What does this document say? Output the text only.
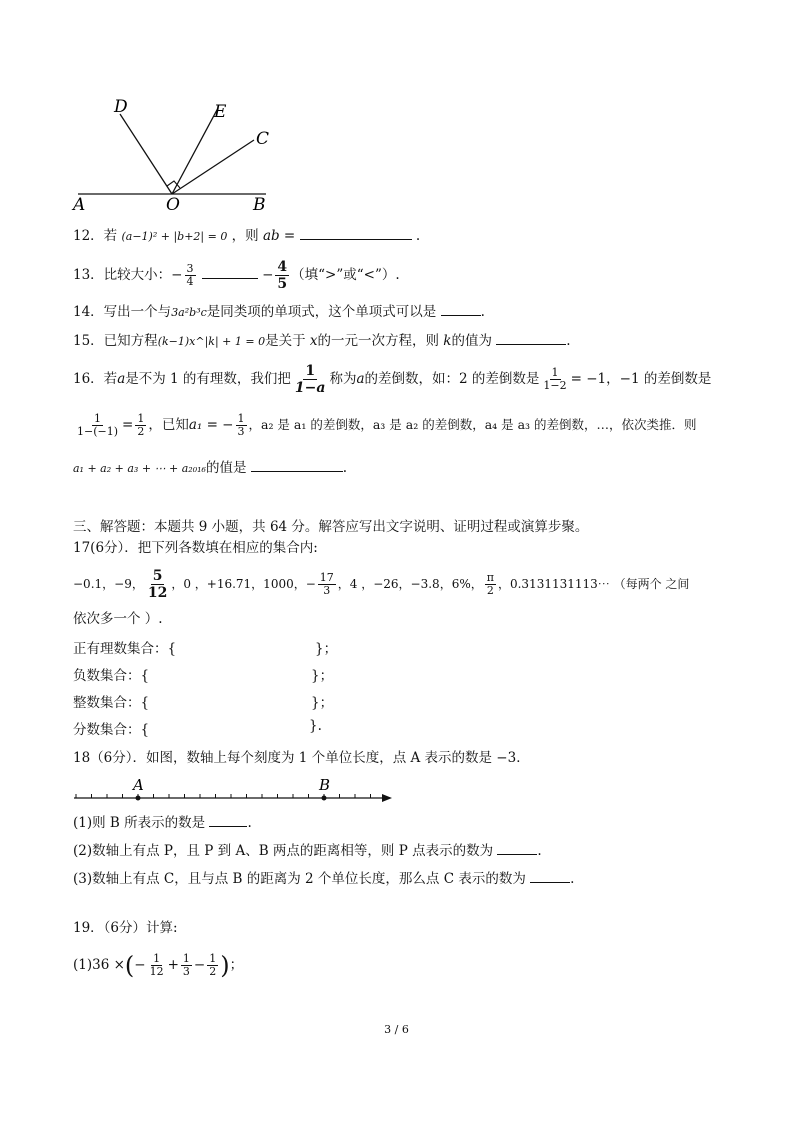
D	E
C
A	O	B
12．若 (a−1)² + |b+2| = 0 ，则 ab =	.
13．比较大小：− $\frac{3}{4}$	− $\frac{4}{5}$ （填“>”或“<”）.
14．写出一个与3a²b³c是同类项的单项式，这个单项式可以是	.
15．已知方程(k−1)x^|k| + 1 = 0是关于 x的一元一次方程，则 k的值为	.
16．若a是不为 1 的有理数，我们把 $\frac{1}{1-a}$ 称为a的差倒数，如：2 的差倒数是 $\frac{1}{1-2} = -1$，−1 的差倒数是
$\frac{1}{1-(-1)} = \frac{1}{2}$ ，已知a₁ = − $\frac{1}{3}$ ，a₂ 是 a₁ 的差倒数，a₃ 是 a₂ 的差倒数，a₄ 是 a₃ 的差倒数，…，依次类推．则
a₁ + a₂ + a₃ + ⋯ + a₂₀₁₆的值是	.
三、解答题：本题共 9 小题，共 64 分。解答应写出文字说明、证明过程或演算步聚。
17(6分）．把下列各数填在相应的集合内:
−0.1，−9， $\frac{5}{12}$ ，0 ，+16.71，1000，− $\frac{17}{3}$ ，4 ，−26，−3.8，6%， $\frac{\pi}{2}$ ，0.3131131113⋯ （每两个 之间
依次多一个 ）.
正有理数集合：{	}；
负数集合：{	}；
整数集合：{	}；
分数集合：{	}.
18（6分）．如图，数轴上每个刻度为 1 个单位长度，点 A 表示的数是 −3．
A	B
(1)则 B 所表示的数是	.
(2)数轴上有点 P，且 P 到 A、B 两点的距离相等，则 P 点表示的数为	.
(3)数轴上有点 C，且与点 B 的距离为 2 个单位长度，那么点 C 表示的数为	.
19．（6分）计算:
(1)36 ×(− $\frac{1}{12} + \frac{1}{3} - \frac{1}{2}$ )；
3 / 6
